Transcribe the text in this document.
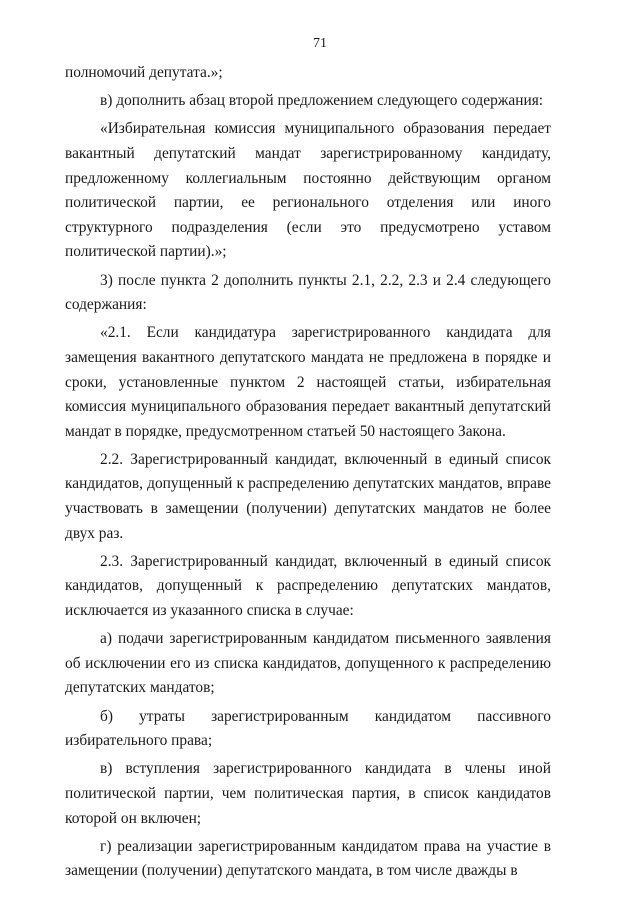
71

полномочий депутата.»;

в) дополнить абзац второй предложением следующего содержания:

«Избирательная комиссия муниципального образования передает вакантный депутатский мандат зарегистрированному кандидату, предложенному коллегиальным постоянно действующим органом политической партии, ее регионального отделения или иного структурного подразделения (если это предусмотрено уставом политической партии).»;

3) после пункта 2 дополнить пункты 2.1, 2.2, 2.3 и 2.4 следующего содержания:

«2.1. Если кандидатура зарегистрированного кандидата для замещения вакантного депутатского мандата не предложена в порядке и сроки, установленные пунктом 2 настоящей статьи, избирательная комиссия муниципального образования передает вакантный депутатский мандат в порядке, предусмотренном статьей 50 настоящего Закона.

2.2. Зарегистрированный кандидат, включенный в единый список кандидатов, допущенный к распределению депутатских мандатов, вправе участвовать в замещении (получении) депутатских мандатов не более двух раз.

2.3. Зарегистрированный кандидат, включенный в единый список кандидатов, допущенный к распределению депутатских мандатов, исключается из указанного списка в случае:

а) подачи зарегистрированным кандидатом письменного заявления об исключении его из списка кандидатов, допущенного к распределению депутатских мандатов;

б) утраты зарегистрированным кандидатом пассивного избирательного права;

в) вступления зарегистрированного кандидата в члены иной политической партии, чем политическая партия, в список кандидатов которой он включен;

г) реализации зарегистрированным кандидатом права на участие в замещении (получении) депутатского мандата, в том числе дважды в
